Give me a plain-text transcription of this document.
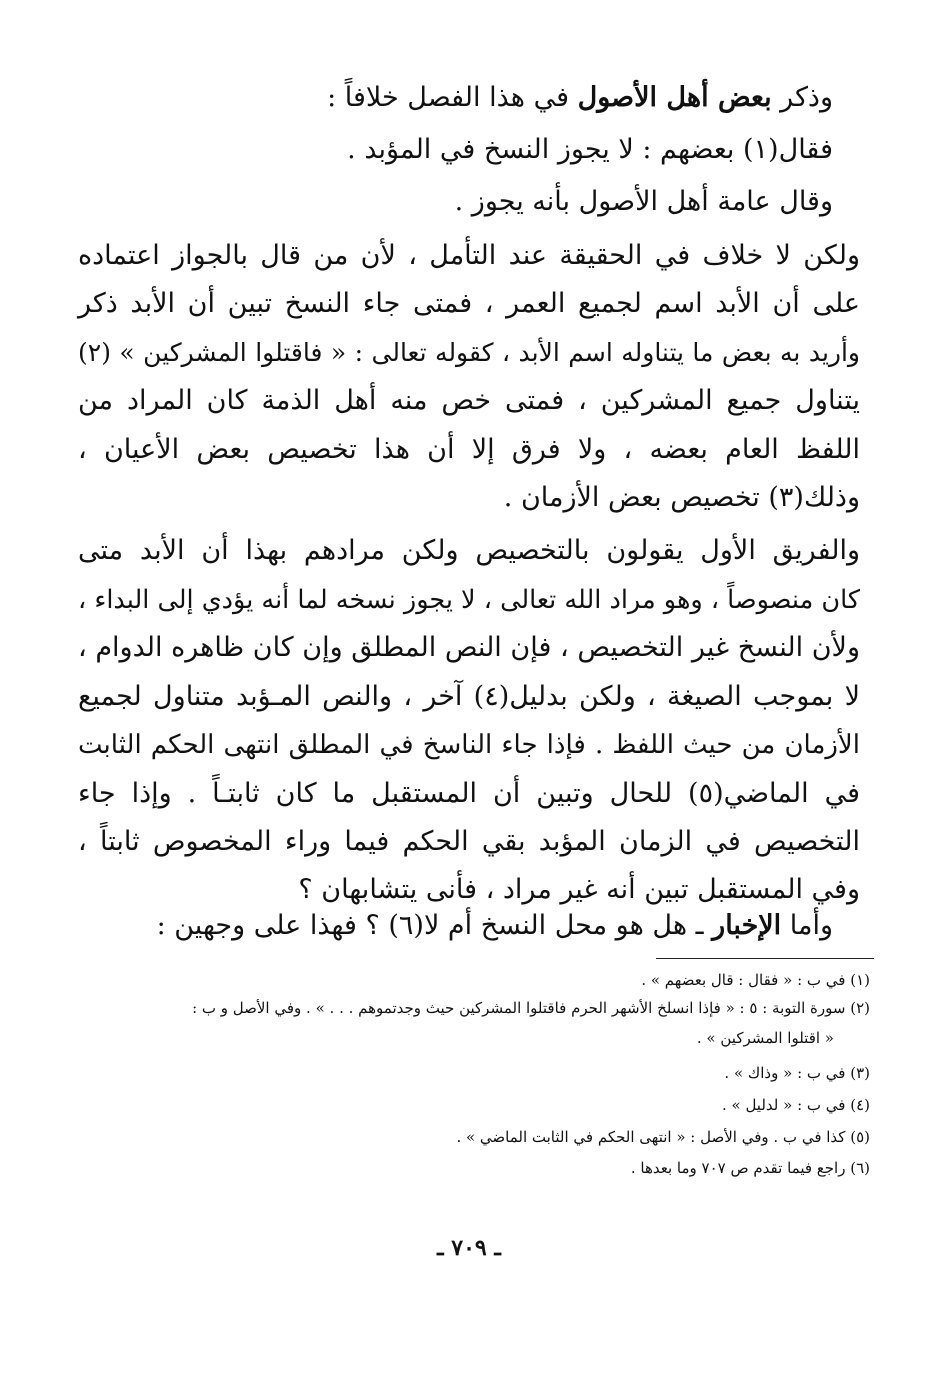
وذكر بعض أهل الأصول في هذا الفصل خلافاً :
فقال(١) بعضهم : لا يجوز النسخ في المؤبد .
وقال عامة أهل الأصول بأنه يجوز .
ولكن لا خلاف في الحقيقة عند التأمل ، لأن من قال بالجواز اعتماده
على أن الأبد اسم لجميع العمر ، فمتى جاء النسخ تبين أن الأبد ذكر
وأريد به بعض ما يتناوله اسم الأبد ، كقوله تعالى : « فاقتلوا المشركين » (٢)
يتناول جميع المشركين ، فمتى خص منه أهل الذمة كان المراد من
اللفظ العام بعضه ، ولا فرق إلا أن هذا تخصيص بعض الأعيان ،
وذلك(٣) تخصيص بعض الأزمان .
والفريق الأول يقولون بالتخصيص ولكن مرادهم بهذا أن الأبد متى
كان منصوصاً ، وهو مراد الله تعالى ، لا يجوز نسخه لما أنه يؤدي إلى البداء ،
ولأن النسخ غير التخصيص ، فإن النص المطلق وإن كان ظاهره الدوام ،
لا بموجب الصيغة ، ولكن بدليل(٤) آخر ، والنص المـؤبد متناول لجميع
الأزمان من حيث اللفظ . فإذا جاء الناسخ في المطلق انتهى الحكم الثابت
في الماضي(٥) للحال وتبين أن المستقبل ما كان ثابتـاً . وإذا جاء
التخصيص في الزمان المؤبد بقي الحكم فيما وراء المخصوص ثابتاً ،
وفي المستقبل تبين أنه غير مراد ، فأنى يتشابهان ؟
وأما الإخبار ـ هل هو محل النسخ أم لا(٦) ؟ فهذا على وجهين :
(١) في ب : « فقال : قال بعضهم » .
(٢) سورة التوبة : ٥ : « فإذا انسلخ الأشهر الحرم فاقتلوا المشركين حيث وجدتموهم . . . » . وفي الأصل و ب :
« اقتلوا المشركين » .
(٣) في ب : « وذاك » .
(٤) في ب : « لدليل » .
(٥) كذا في ب . وفي الأصل : « انتهى الحكم في الثابت الماضي » .
(٦) راجع فيما تقدم ص ٧٠٧ وما بعدها .
ـ ٧٠٩ ـ
